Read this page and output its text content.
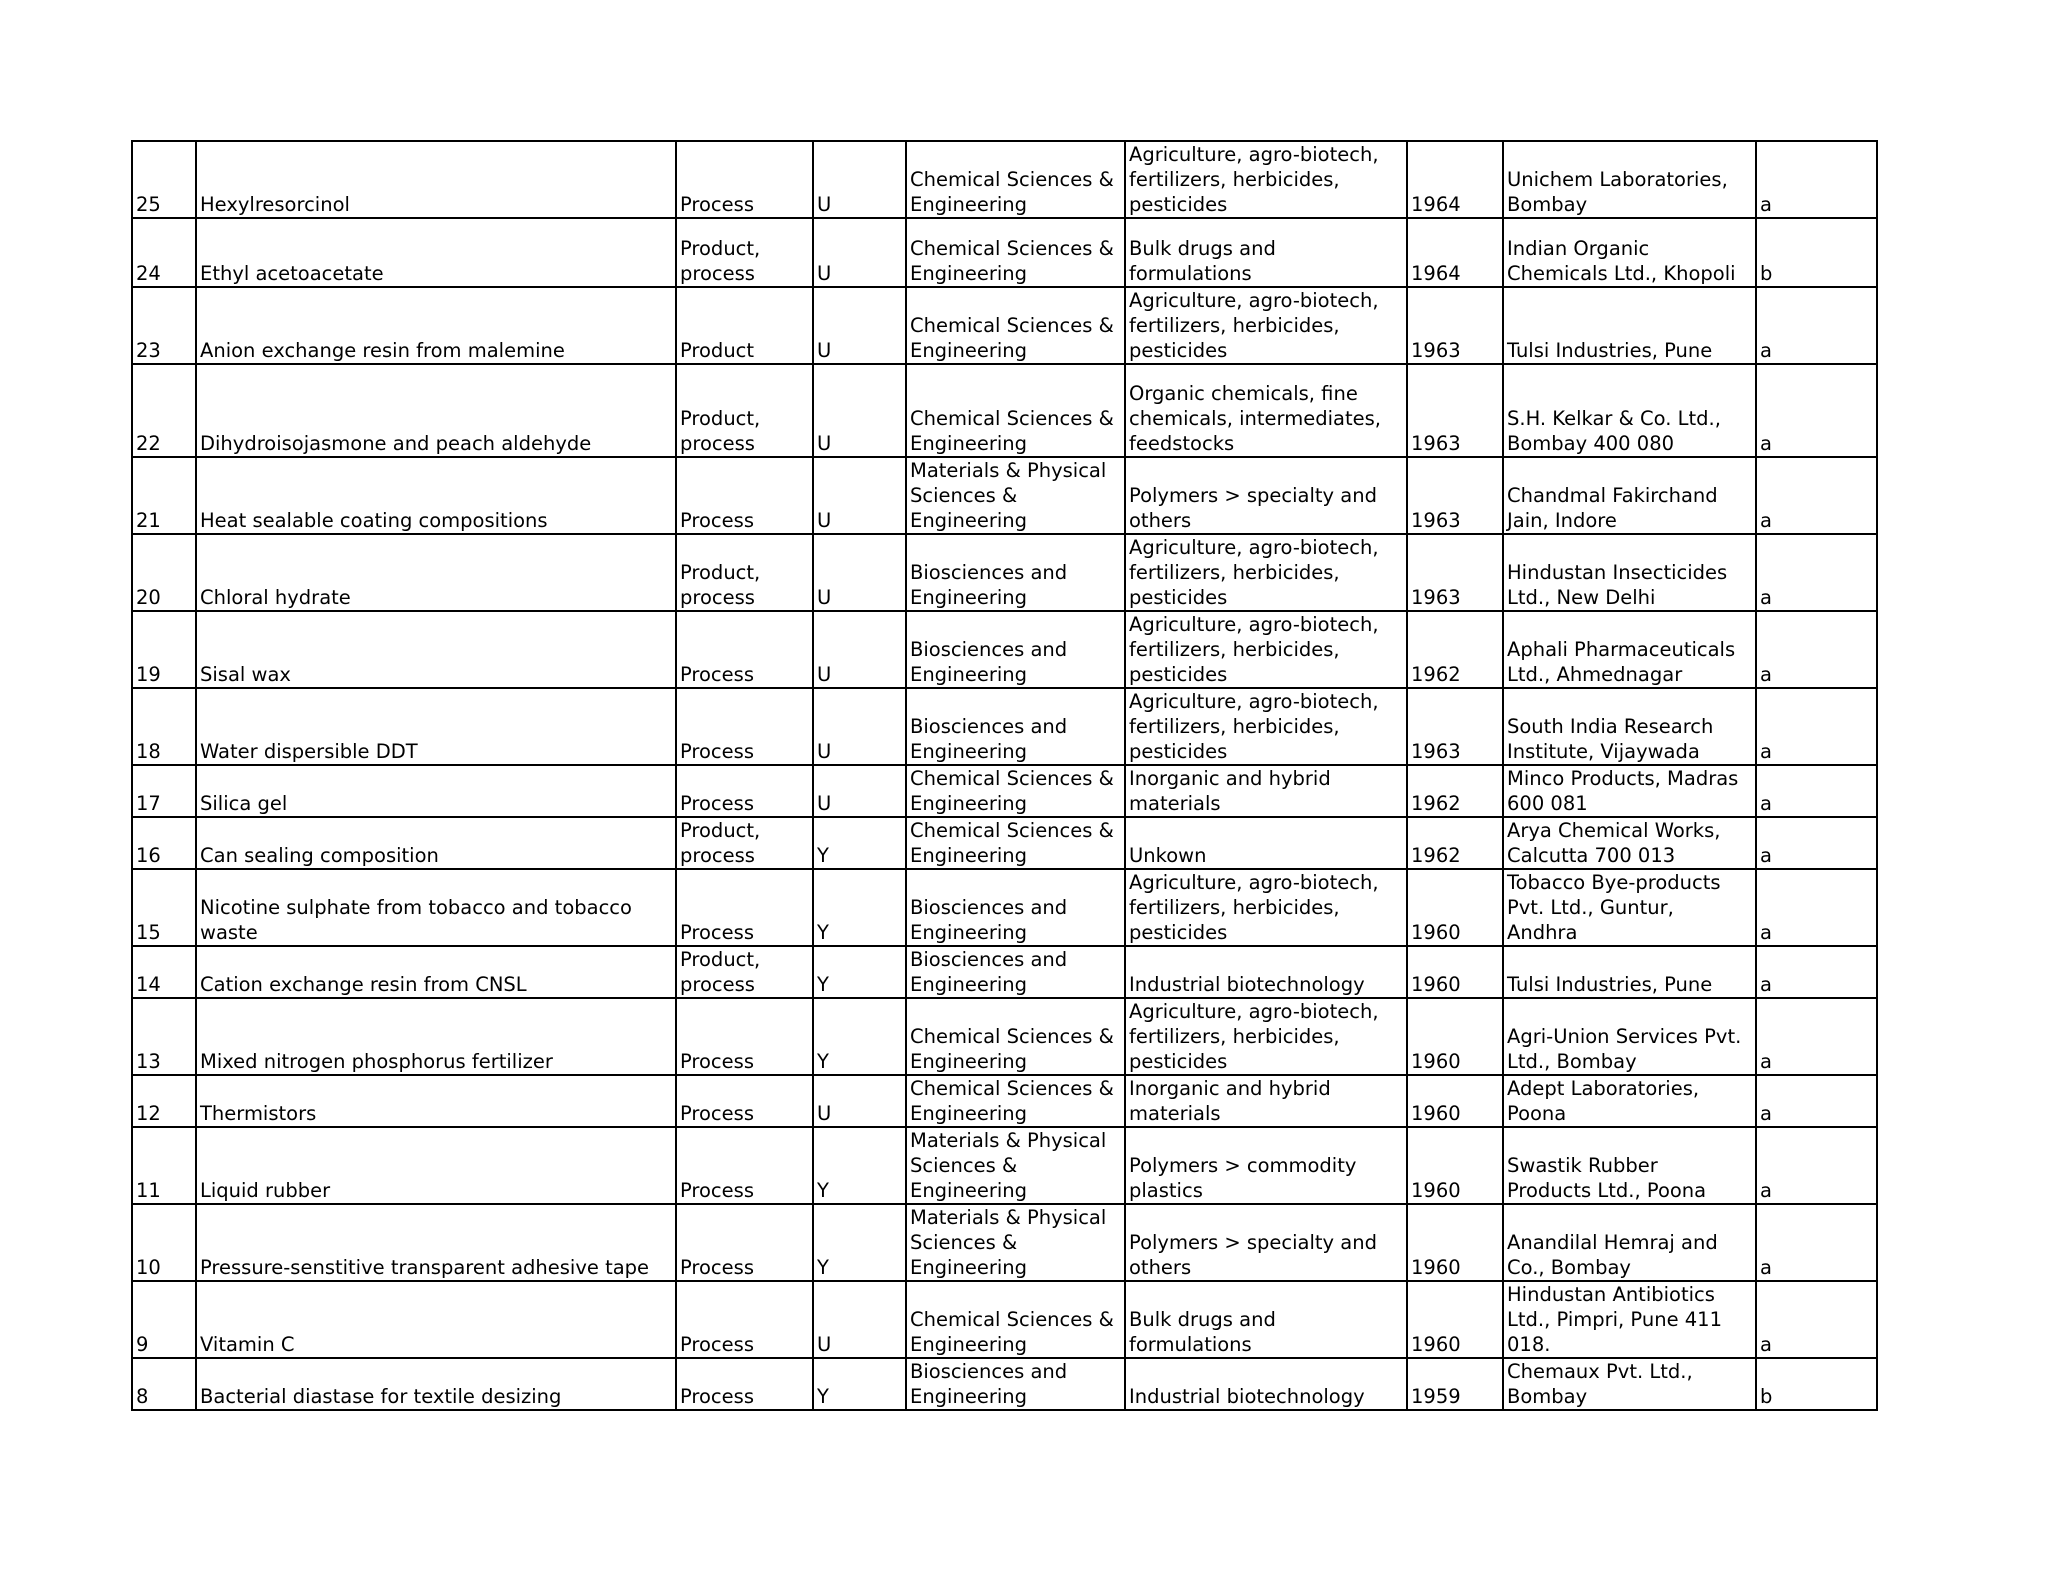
25	Hexylresorcinol	Process	U	Chemical Sciences &
Engineering	Agriculture, agro-biotech,
fertilizers, herbicides,
pesticides	1964	Unichem Laboratories,
Bombay	a
24	Ethyl acetoacetate	Product,
process	U	Chemical Sciences &
Engineering	Bulk drugs and
formulations	1964	Indian Organic
Chemicals Ltd., Khopoli	b
23	Anion exchange resin from malemine	Product	U	Chemical Sciences &
Engineering	Agriculture, agro-biotech,
fertilizers, herbicides,
pesticides	1963	Tulsi Industries, Pune	a
22	Dihydroisojasmone and peach aldehyde	Product,
process	U	Chemical Sciences &
Engineering	Organic chemicals, fine
chemicals, intermediates,
feedstocks	1963	S.H. Kelkar & Co. Ltd.,
Bombay 400 080	a
21	Heat sealable coating compositions	Process	U	Materials & Physical
Sciences &
Engineering	Polymers > specialty and
others	1963	Chandmal Fakirchand
Jain, Indore	a
20	Chloral hydrate	Product,
process	U	Biosciences and
Engineering	Agriculture, agro-biotech,
fertilizers, herbicides,
pesticides	1963	Hindustan Insecticides
Ltd., New Delhi	a
19	Sisal wax	Process	U	Biosciences and
Engineering	Agriculture, agro-biotech,
fertilizers, herbicides,
pesticides	1962	Aphali Pharmaceuticals
Ltd., Ahmednagar	a
18	Water dispersible DDT	Process	U	Biosciences and
Engineering	Agriculture, agro-biotech,
fertilizers, herbicides,
pesticides	1963	South India Research
Institute, Vijaywada	a
17	Silica gel	Process	U	Chemical Sciences &
Engineering	Inorganic and hybrid
materials	1962	Minco Products, Madras
600 081	a
16	Can sealing composition	Product,
process	Y	Chemical Sciences &
Engineering	Unkown	1962	Arya Chemical Works,
Calcutta 700 013	a
15	Nicotine sulphate from tobacco and tobacco
waste	Process	Y	Biosciences and
Engineering	Agriculture, agro-biotech,
fertilizers, herbicides,
pesticides	1960	Tobacco Bye-products
Pvt. Ltd., Guntur,
Andhra	a
14	Cation exchange resin from CNSL	Product,
process	Y	Biosciences and
Engineering	Industrial biotechnology	1960	Tulsi Industries, Pune	a
13	Mixed nitrogen phosphorus fertilizer	Process	Y	Chemical Sciences &
Engineering	Agriculture, agro-biotech,
fertilizers, herbicides,
pesticides	1960	Agri-Union Services Pvt.
Ltd., Bombay	a
12	Thermistors	Process	U	Chemical Sciences &
Engineering	Inorganic and hybrid
materials	1960	Adept Laboratories,
Poona	a
11	Liquid rubber	Process	Y	Materials & Physical
Sciences &
Engineering	Polymers > commodity
plastics	1960	Swastik Rubber
Products Ltd., Poona	a
10	Pressure-senstitive transparent adhesive tape	Process	Y	Materials & Physical
Sciences &
Engineering	Polymers > specialty and
others	1960	Anandilal Hemraj and
Co., Bombay	a
9	Vitamin C	Process	U	Chemical Sciences &
Engineering	Bulk drugs and
formulations	1960	Hindustan Antibiotics
Ltd., Pimpri, Pune 411
018.	a
8	Bacterial diastase for textile desizing	Process	Y	Biosciences and
Engineering	Industrial biotechnology	1959	Chemaux Pvt. Ltd.,
Bombay	b
